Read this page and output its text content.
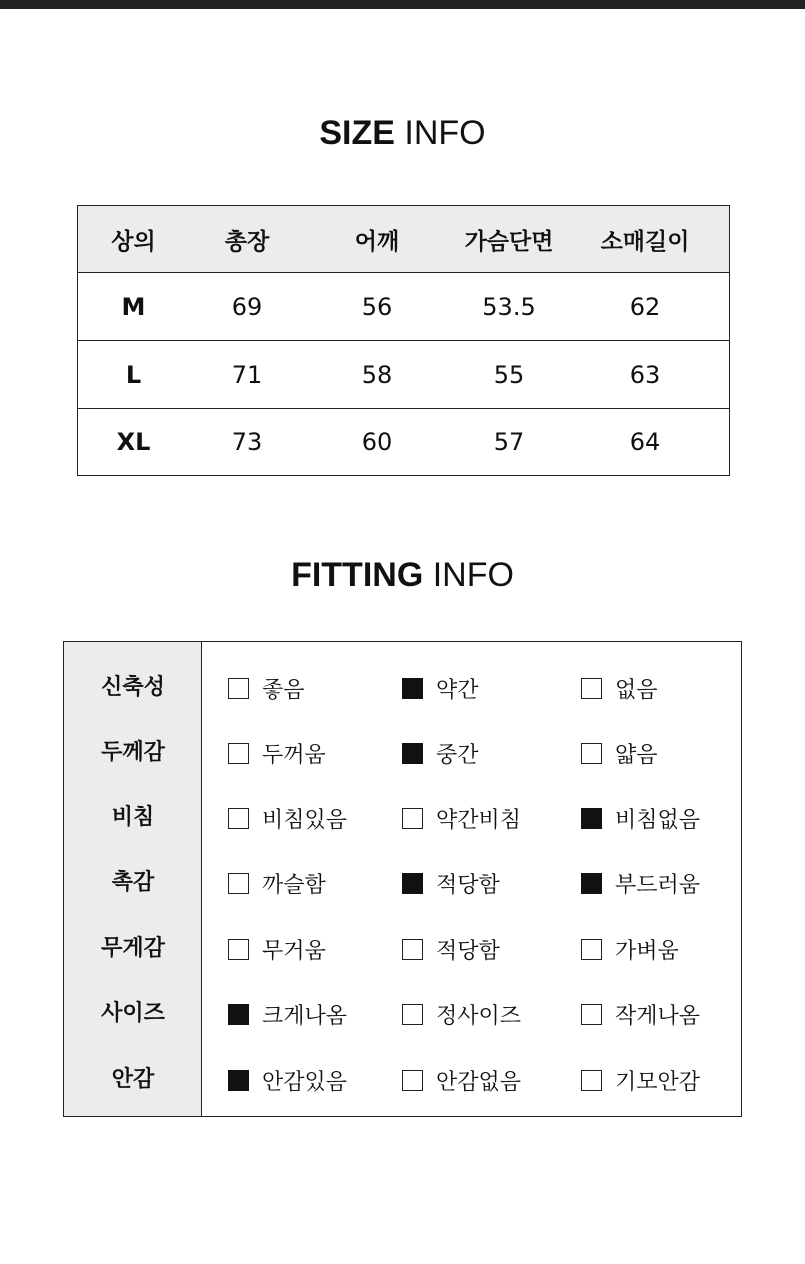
SIZE INFO
상의	총장	어깨	가슴단면	소매길이
M	69	56	53.5	62
L	71	58	55	63
XL	73	60	57	64
FITTING INFO
신축성	좋음	약간	없음
두께감	두꺼움	중간	얇음
비침	비침있음	약간비침	비침없음
촉감	까슬함	적당함	부드러움
무게감	무거움	적당함	가벼움
사이즈	크게나옴	정사이즈	작게나옴
안감	안감있음	안감없음	기모안감
